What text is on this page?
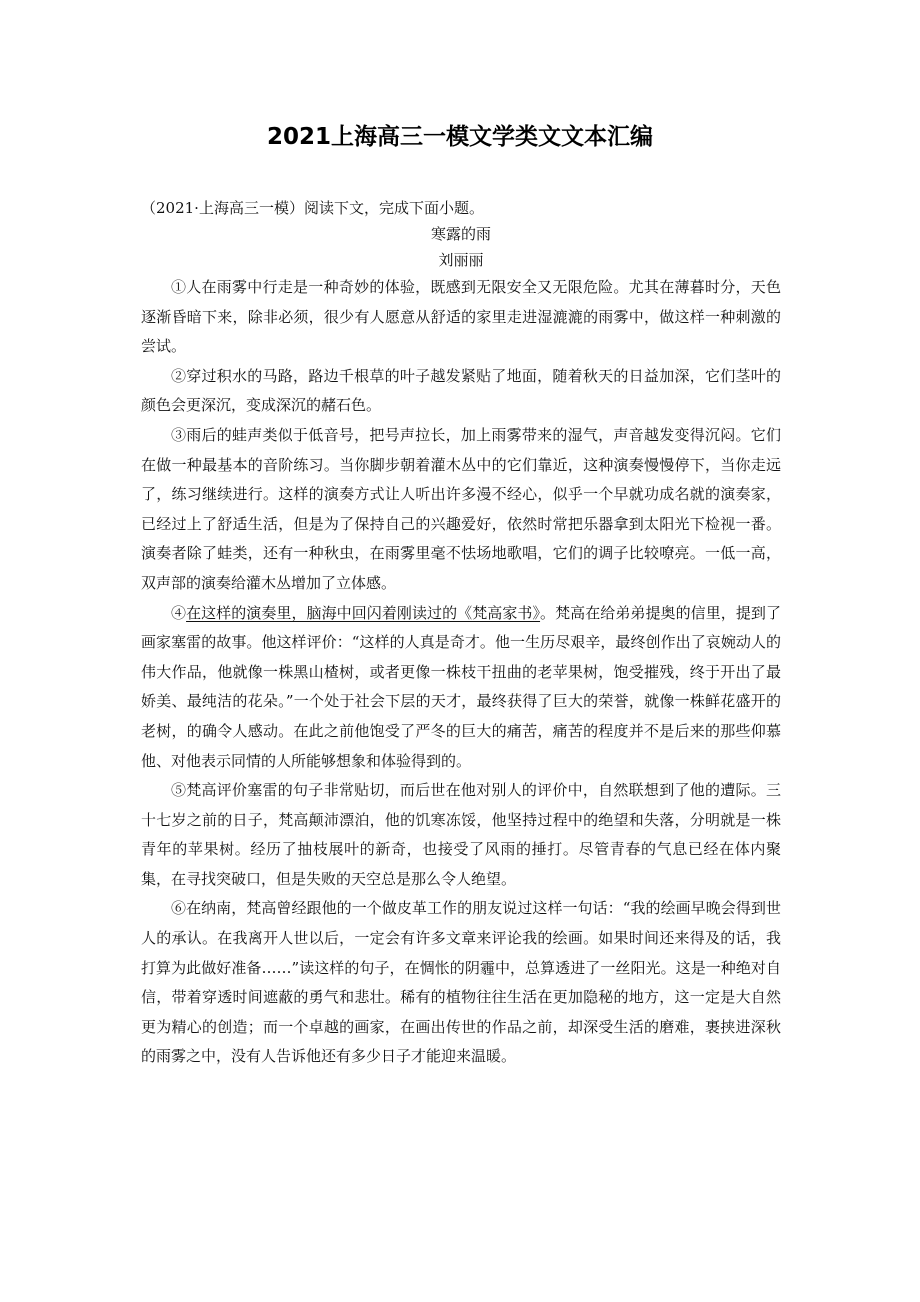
2021上海高三一模文学类文文本汇编

（2021·上海高三一模）阅读下文，完成下面小题。

寒露的雨

刘丽丽

①人在雨雾中行走是一种奇妙的体验，既感到无限安全又无限危险。尤其在薄暮时分，天色逐渐昏暗下来，除非必须，很少有人愿意从舒适的家里走进湿漉漉的雨雾中，做这样一种刺激的尝试。

②穿过积水的马路，路边千根草的叶子越发紧贴了地面，随着秋天的日益加深，它们茎叶的颜色会更深沉，变成深沉的赭石色。

③雨后的蛙声类似于低音号，把号声拉长，加上雨雾带来的湿气，声音越发变得沉闷。它们在做一种最基本的音阶练习。当你脚步朝着灌木丛中的它们靠近，这种演奏慢慢停下，当你走远了，练习继续进行。这样的演奏方式让人听出许多漫不经心，似乎一个早就功成名就的演奏家，已经过上了舒适生活，但是为了保持自己的兴趣爱好，依然时常把乐器拿到太阳光下检视一番。演奏者除了蛙类，还有一种秋虫，在雨雾里毫不怯场地歌唱，它们的调子比较嘹亮。一低一高，双声部的演奏给灌木丛增加了立体感。

④在这样的演奏里，脑海中回闪着刚读过的《梵高家书》。梵高在给弟弟提奥的信里，提到了画家塞雷的故事。他这样评价：“这样的人真是奇才。他一生历尽艰辛，最终创作出了哀婉动人的伟大作品，他就像一株黑山楂树，或者更像一株枝干扭曲的老苹果树，饱受摧残，终于开出了最娇美、最纯洁的花朵。”一个处于社会下层的天才，最终获得了巨大的荣誉，就像一株鲜花盛开的老树，的确令人感动。在此之前他饱受了严冬的巨大的痛苦，痛苦的程度并不是后来的那些仰慕他、对他表示同情的人所能够想象和体验得到的。

⑤梵高评价塞雷的句子非常贴切，而后世在他对别人的评价中，自然联想到了他的遭际。三十七岁之前的日子，梵高颠沛漂泊，他的饥寒冻馁，他坚持过程中的绝望和失落，分明就是一株青年的苹果树。经历了抽枝展叶的新奇，也接受了风雨的捶打。尽管青春的气息已经在体内聚集，在寻找突破口，但是失败的天空总是那么令人绝望。

⑥在纳南，梵高曾经跟他的一个做皮革工作的朋友说过这样一句话：“我的绘画早晚会得到世人的承认。在我离开人世以后，一定会有许多文章来评论我的绘画。如果时间还来得及的话，我打算为此做好准备……”读这样的句子，在惆怅的阴霾中，总算透进了一丝阳光。这是一种绝对自信，带着穿透时间遮蔽的勇气和悲壮。稀有的植物往往生活在更加隐秘的地方，这一定是大自然更为精心的创造；而一个卓越的画家，在画出传世的作品之前，却深受生活的磨难，裹挟进深秋的雨雾之中，没有人告诉他还有多少日子才能迎来温暖。
